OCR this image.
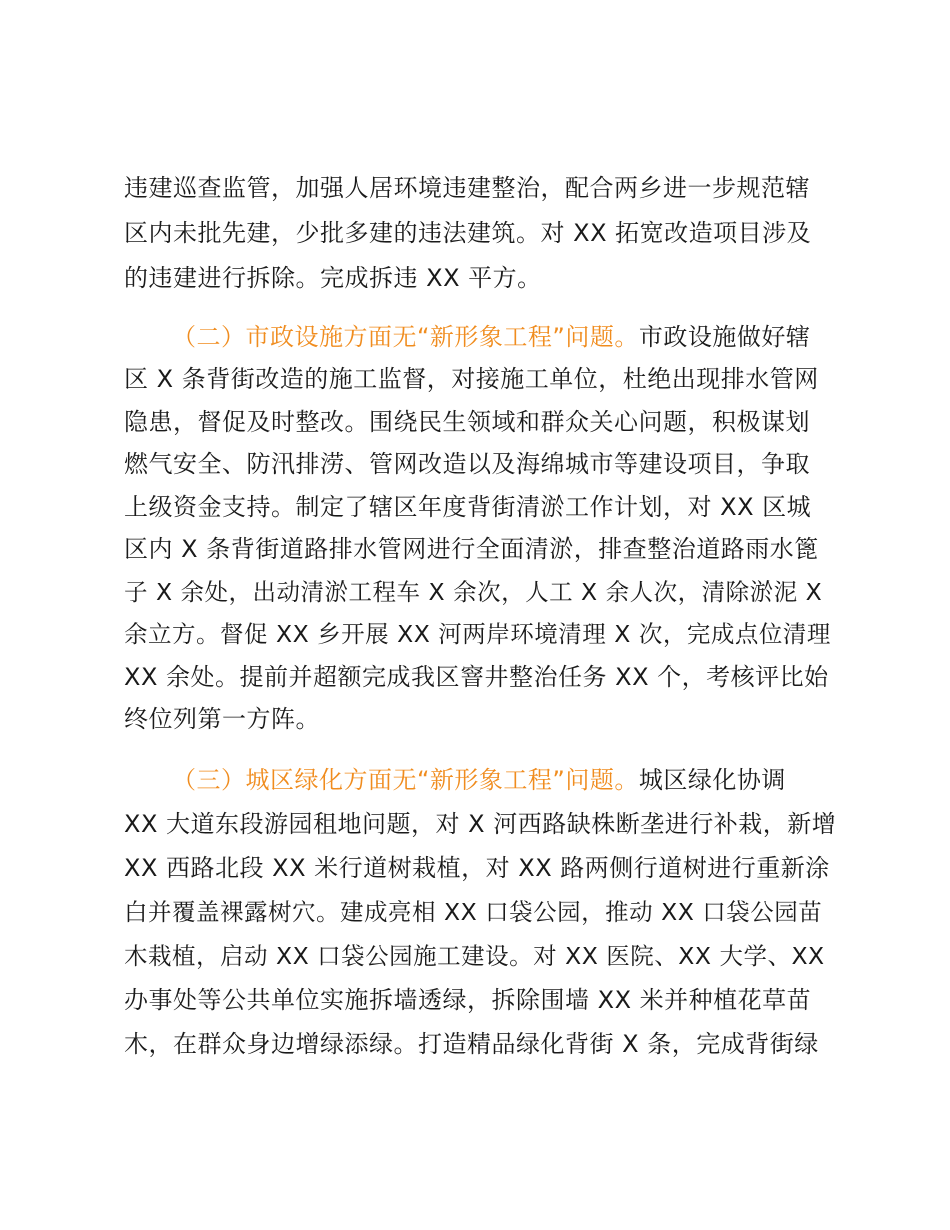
违建巡查监管，加强人居环境违建整治，配合两乡进一步规范辖
区内未批先建，少批多建的违法建筑。对 XX 拓宽改造项目涉及
的违建进行拆除。完成拆违 XX 平方。
（二）市政设施方面无“新形象工程”问题。市政设施做好辖
区 X 条背街改造的施工监督，对接施工单位，杜绝出现排水管网
隐患，督促及时整改。围绕民生领域和群众关心问题，积极谋划
燃气安全、防汛排涝、管网改造以及海绵城市等建设项目，争取
上级资金支持。制定了辖区年度背街清淤工作计划，对 XX 区城
区内 X 条背街道路排水管网进行全面清淤，排查整治道路雨水篦
子 X 余处，出动清淤工程车 X 余次，人工 X 余人次，清除淤泥 X
余立方。督促 XX 乡开展 XX 河两岸环境清理 X 次，完成点位清理
XX 余处。提前并超额完成我区窨井整治任务 XX 个，考核评比始
终位列第一方阵。
（三）城区绿化方面无“新形象工程”问题。城区绿化协调
XX 大道东段游园租地问题，对 X 河西路缺株断垄进行补栽，新增
XX 西路北段 XX 米行道树栽植，对 XX 路两侧行道树进行重新涂
白并覆盖裸露树穴。建成亮相 XX 口袋公园，推动 XX 口袋公园苗
木栽植，启动 XX 口袋公园施工建设。对 XX 医院、XX 大学、XX
办事处等公共单位实施拆墙透绿，拆除围墙 XX 米并种植花草苗
木，在群众身边增绿添绿。打造精品绿化背街 X 条，完成背街绿
